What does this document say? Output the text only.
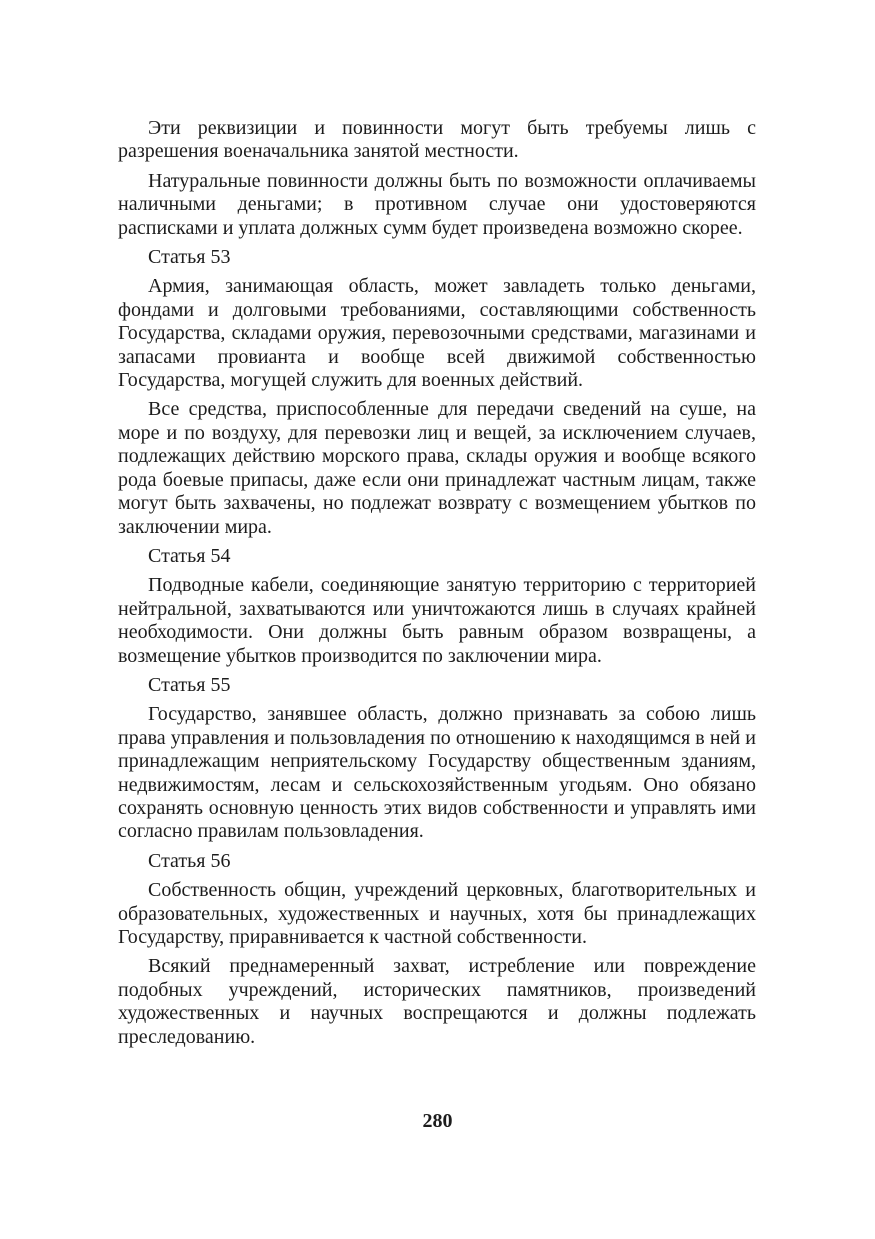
Эти реквизиции и повинности могут быть требуемы лишь с разрешения военачальника занятой местности.

Натуральные повинности должны быть по возможности оплачиваемы наличными деньгами; в противном случае они удостоверяются расписками и уплата должных сумм будет произведена возможно скорее.

Статья 53

Армия, занимающая область, может завладеть только деньгами, фондами и долговыми требованиями, составляющими собственность Государства, складами оружия, перевозочными средствами, магазинами и запасами провианта и вообще всей движимой собственностью Государства, могущей служить для военных действий.

Все средства, приспособленные для передачи сведений на суше, на море и по воздуху, для перевозки лиц и вещей, за исключением случаев, подлежащих действию морского права, склады оружия и вообще всякого рода боевые припасы, даже если они принадлежат частным лицам, также могут быть захвачены, но подлежат возврату с возмещением убытков по заключении мира.

Статья 54

Подводные кабели, соединяющие занятую территорию с территорией нейтральной, захватываются или уничтожаются лишь в случаях крайней необходимости. Они должны быть равным образом возвращены, а возмещение убытков производится по заключении мира.

Статья 55

Государство, занявшее область, должно признавать за собою лишь права управления и пользовладения по отношению к находящимся в ней и принадлежащим неприятельскому Государству общественным зданиям, недвижимостям, лесам и сельскохозяйственным угодьям. Оно обязано сохранять основную ценность этих видов собственности и управлять ими согласно правилам пользовладения.

Статья 56

Собственность общин, учреждений церковных, благотворительных и образовательных, художественных и научных, хотя бы принадлежащих Государству, приравнивается к частной собственности.

Всякий преднамеренный захват, истребление или повреждение подобных учреждений, исторических памятников, произведений художественных и научных воспрещаются и должны подлежать преследованию.

280
